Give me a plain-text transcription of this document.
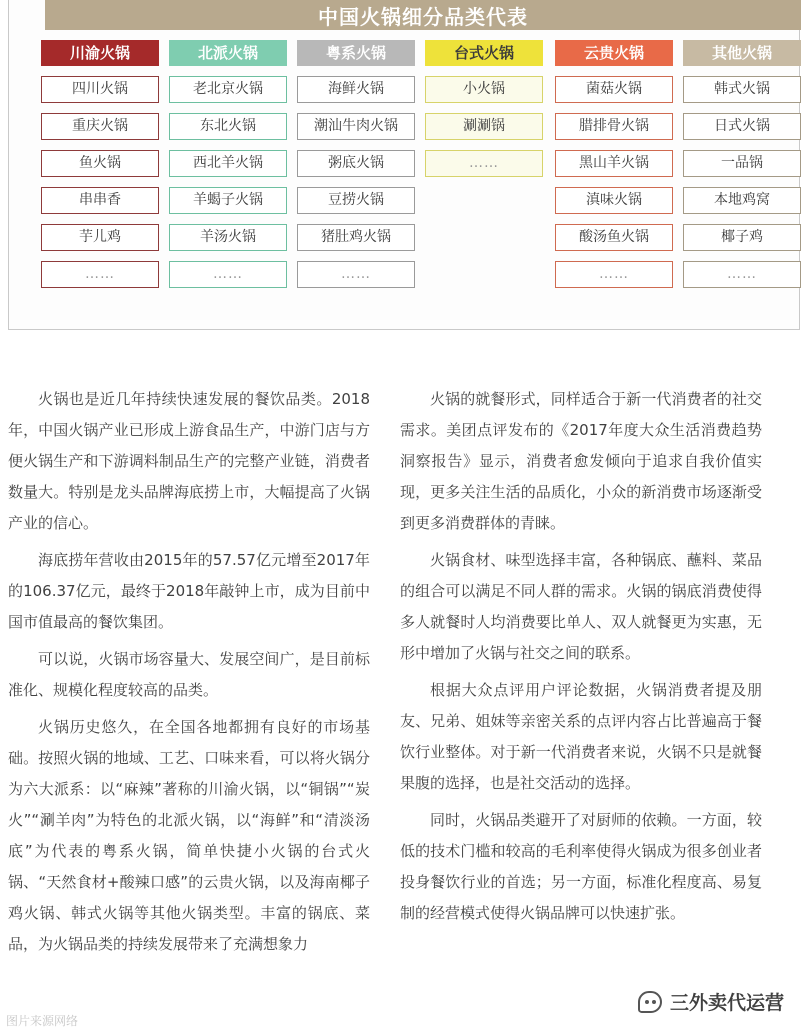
中国火锅细分品类代表
川渝火锅
四川火锅
重庆火锅
鱼火锅
串串香
芋儿鸡
……
北派火锅
老北京火锅
东北火锅
西北羊火锅
羊蝎子火锅
羊汤火锅
……
粤系火锅
海鲜火锅
潮汕牛肉火锅
粥底火锅
豆捞火锅
猪肚鸡火锅
……
台式火锅
小火锅
涮涮锅
……
云贵火锅
菌菇火锅
腊排骨火锅
黑山羊火锅
滇味火锅
酸汤鱼火锅
……
其他火锅
韩式火锅
日式火锅
一品锅
本地鸡窝
椰子鸡
……

火锅也是近几年持续快速发展的餐饮品类。2018年，中国火锅产业已形成上游食品生产，中游门店与方便火锅生产和下游调料制品生产的完整产业链，消费者数量大。特别是龙头品牌海底捞上市，大幅提高了火锅产业的信心。

海底捞年营收由2015年的57.57亿元增至2017年的106.37亿元，最终于2018年敲钟上市，成为目前中国市值最高的餐饮集团。

可以说，火锅市场容量大、发展空间广，是目前标准化、规模化程度较高的品类。

火锅历史悠久，在全国各地都拥有良好的市场基础。按照火锅的地域、工艺、口味来看，可以将火锅分为六大派系：以“麻辣”著称的川渝火锅，以“铜锅”“炭火”“涮羊肉”为特色的北派火锅，以“海鲜”和“清淡汤底”为代表的粤系火锅，简单快捷小火锅的台式火锅、“天然食材+酸辣口感”的云贵火锅，以及海南椰子鸡火锅、韩式火锅等其他火锅类型。丰富的锅底、菜品，为火锅品类的持续发展带来了充满想象力

火锅的就餐形式，同样适合于新一代消费者的社交需求。美团点评发布的《2017年度大众生活消费趋势洞察报告》显示，消费者愈发倾向于追求自我价值实现，更多关注生活的品质化，小众的新消费市场逐渐受到更多消费群体的青睐。

火锅食材、味型选择丰富，各种锅底、蘸料、菜品的组合可以满足不同人群的需求。火锅的锅底消费使得多人就餐时人均消费要比单人、双人就餐更为实惠，无形中增加了火锅与社交之间的联系。

根据大众点评用户评论数据，火锅消费者提及朋友、兄弟、姐妹等亲密关系的点评内容占比普遍高于餐饮行业整体。对于新一代消费者来说，火锅不只是就餐果腹的选择，也是社交活动的选择。

同时，火锅品类避开了对厨师的依赖。一方面，较低的技术门槛和较高的毛利率使得火锅成为很多创业者投身餐饮行业的首选；另一方面，标准化程度高、易复制的经营模式使得火锅品牌可以快速扩张。

图片来源网络
三外卖代运营
